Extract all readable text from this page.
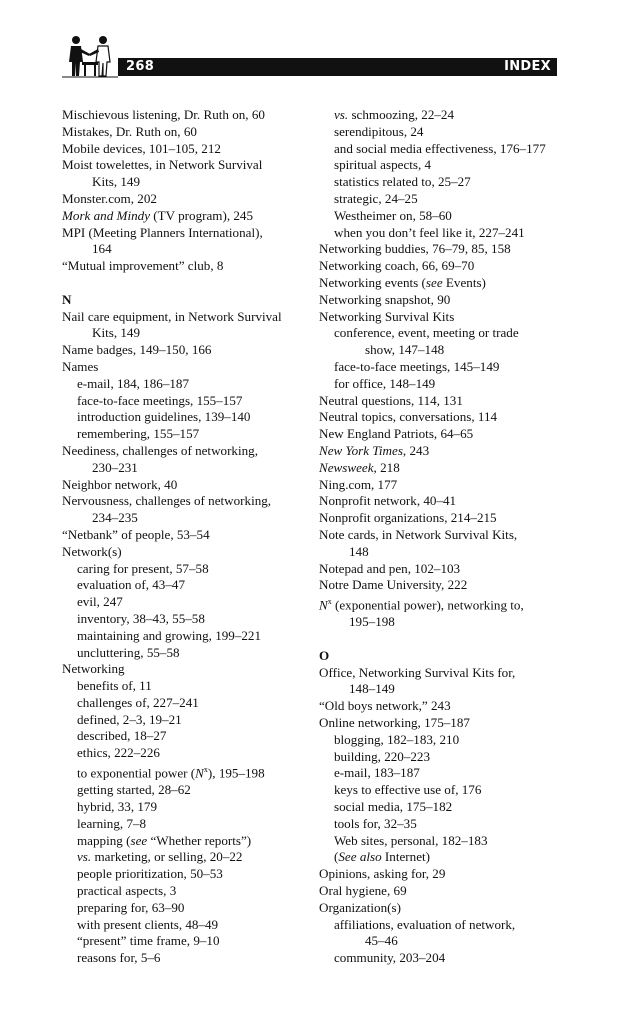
268	INDEX
Mischievous listening, Dr. Ruth on, 60
Mistakes, Dr. Ruth on, 60
Mobile devices, 101–105, 212
Moist towelettes, in Network Survival
Kits, 149
Monster.com, 202
Mork and Mindy (TV program), 245
MPI (Meeting Planners International),
164
“Mutual improvement” club, 8
N
Nail care equipment, in Network Survival
Kits, 149
Name badges, 149–150, 166
Names
e-mail, 184, 186–187
face-to-face meetings, 155–157
introduction guidelines, 139–140
remembering, 155–157
Neediness, challenges of networking,
230–231
Neighbor network, 40
Nervousness, challenges of networking,
234–235
“Netbank” of people, 53–54
Network(s)
caring for present, 57–58
evaluation of, 43–47
evil, 247
inventory, 38–43, 55–58
maintaining and growing, 199–221
uncluttering, 55–58
Networking
benefits of, 11
challenges of, 227–241
defined, 2–3, 19–21
described, 18–27
ethics, 222–226
to exponential power $(N^x)$, 195–198
getting started, 28–62
hybrid, 33, 179
learning, 7–8
mapping (see “Whether reports”)
vs. marketing, or selling, 20–22
people prioritization, 50–53
practical aspects, 3
preparing for, 63–90
with present clients, 48–49
“present” time frame, 9–10
reasons for, 5–6
vs. schmoozing, 22–24
serendipitous, 24
and social media effectiveness, 176–177
spiritual aspects, 4
statistics related to, 25–27
strategic, 24–25
Westheimer on, 58–60
when you don’t feel like it, 227–241
Networking buddies, 76–79, 85, 158
Networking coach, 66, 69–70
Networking events (see Events)
Networking snapshot, 90
Networking Survival Kits
conference, event, meeting or trade
show, 147–148
face-to-face meetings, 145–149
for office, 148–149
Neutral questions, 114, 131
Neutral topics, conversations, 114
New England Patriots, 64–65
New York Times, 243
Newsweek, 218
Ning.com, 177
Nonprofit network, 40–41
Nonprofit organizations, 214–215
Note cards, in Network Survival Kits,
148
Notepad and pen, 102–103
Notre Dame University, 222
$N^x$ (exponential power), networking to,
195–198
O
Office, Networking Survival Kits for,
148–149
“Old boys network,” 243
Online networking, 175–187
blogging, 182–183, 210
building, 220–223
e-mail, 183–187
keys to effective use of, 176
social media, 175–182
tools for, 32–35
Web sites, personal, 182–183
(See also Internet)
Opinions, asking for, 29
Oral hygiene, 69
Organization(s)
affiliations, evaluation of network,
45–46
community, 203–204
